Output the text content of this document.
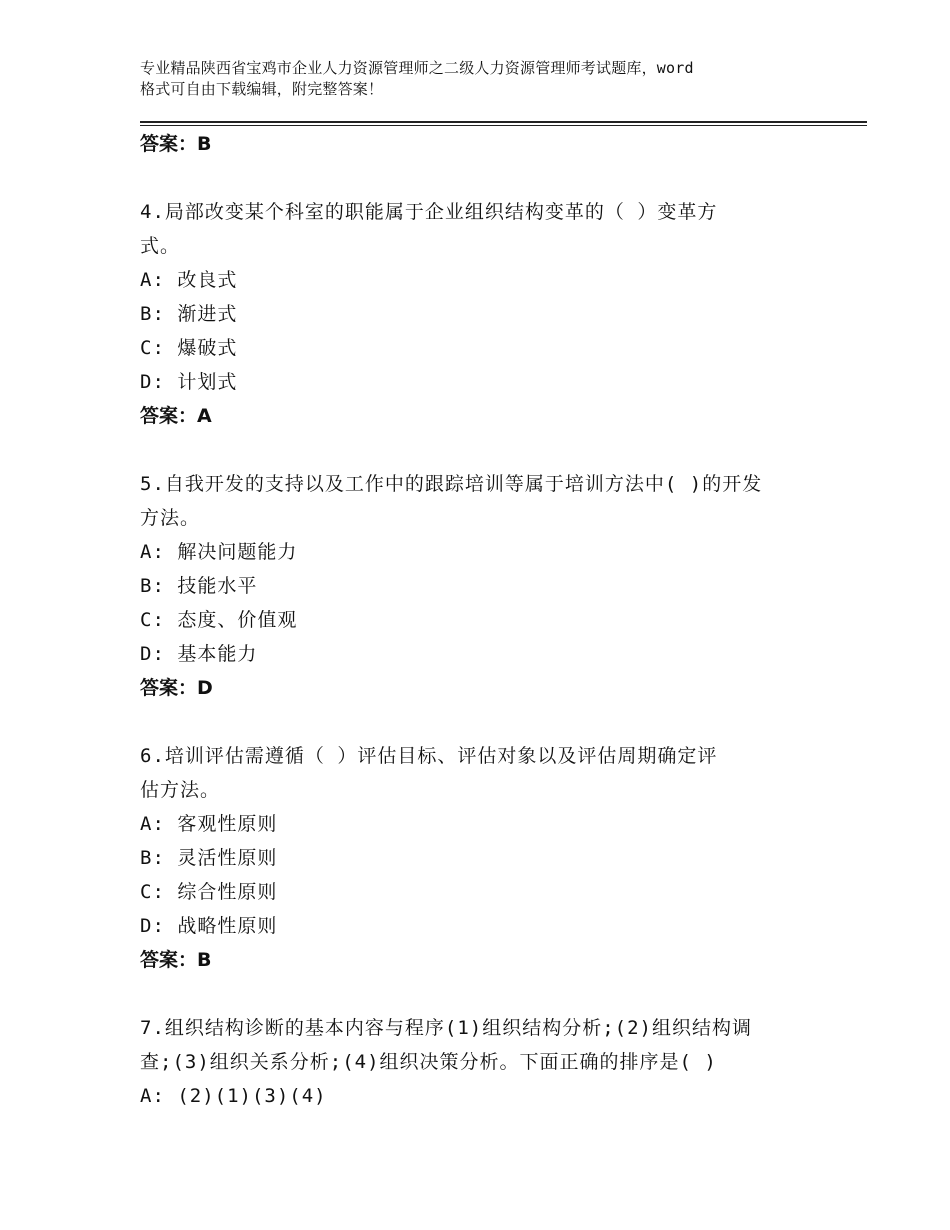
专业精品陕西省宝鸡市企业人力资源管理师之二级人力资源管理师考试题库，word
格式可自由下载编辑，附完整答案！
答案：B
4.局部改变某个科室的职能属于企业组织结构变革的（ ）变革方
式。
A: 改良式
B: 渐进式
C: 爆破式
D: 计划式
答案：A
5.自我开发的支持以及工作中的跟踪培训等属于培训方法中( )的开发
方法。
A: 解决问题能力
B: 技能水平
C: 态度、价值观
D: 基本能力
答案：D
6.培训评估需遵循（ ）评估目标、评估对象以及评估周期确定评
估方法。
A: 客观性原则
B: 灵活性原则
C: 综合性原则
D: 战略性原则
答案：B
7.组织结构诊断的基本内容与程序(1)组织结构分析;(2)组织结构调
查;(3)组织关系分析;(4)组织决策分析。下面正确的排序是( )
A: (2)(1)(3)(4)
